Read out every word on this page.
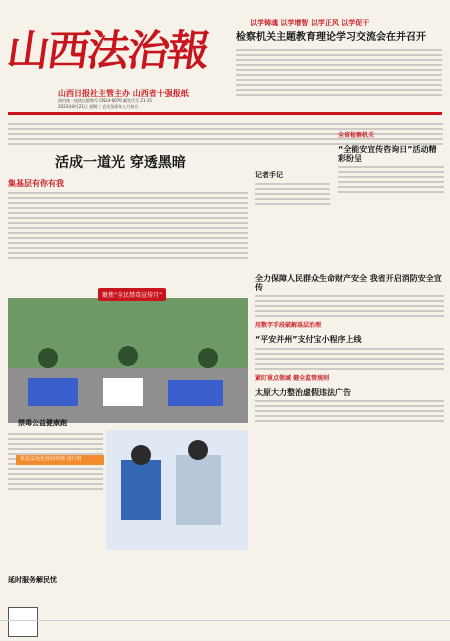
山西法治報
山西日报社主管主办 山西省十强报纸
国内统一连续出版物号 CN14-0070 邮发代号 21-15
2023年8月21日 星期三 农历癸卯年七月初五
以学铸魂 以学增智 以学正风 以学促干
检察机关主题教育理论学习交流会在并召开
活成一道光 穿透黑暗
集基层有你有我
记者手记
全省检察机关
“全能安宣传咨询日”活动精彩纷呈
聚焦“全民禁毒宣传月”
禁毒公益健康跑
优化法治化营商环境 进行时
全力保障人民群众生命财产安全 我省开启消防安全宣传
用数字手段破解基层治理
“平安并州”支付宝小程序上线
紧盯重点领域 健全监管规则
太原大力整治虚假违法广告
延时服务解民忧
